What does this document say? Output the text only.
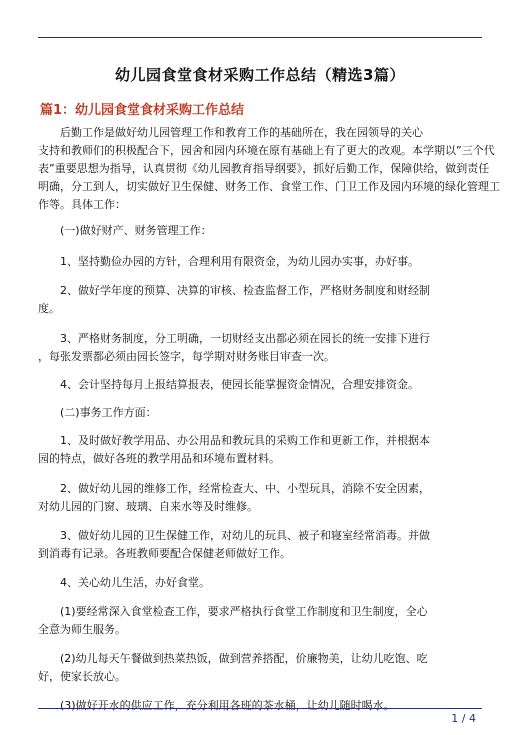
幼儿园食堂食材采购工作总结（精选3篇）
篇1：幼儿园食堂食材采购工作总结

　　后勤工作是做好幼儿园管理工作和教育工作的基础所在，我在园领导的关心
支持和教师们的积极配合下，园舍和园内环境在原有基础上有了更大的改观。本学期以”三个代
表”重要思想为指导，认真贯彻《幼儿园教育指导纲要》，抓好后勤工作，保障供给，做到责任
明确，分工到人，切实做好卫生保健、财务工作、食堂工作、门卫工作及园内环境的绿化管理工
作等。具体工作：

　　(一)做好财产、财务管理工作：

　　1、坚持勤俭办园的方针，合理利用有限资金，为幼儿园办实事，办好事。

　　2、做好学年度的预算、决算的审核、检查监督工作，严格财务制度和财经制
度。

　　3、严格财务制度，分工明确，一切财经支出都必须在园长的统一安排下进行
，每张发票都必须由园长签字，每学期对财务账目审查一次。

　　4、会计坚持每月上报结算报表，使园长能掌握资金情况，合理安排资金。

　　(二)事务工作方面：

　　1、及时做好教学用品、办公用品和教玩具的采购工作和更新工作，并根据本
园的特点，做好各班的教学用品和环境布置材料。

　　2、做好幼儿园的维修工作，经常检查大、中、小型玩具，消除不安全因素，
对幼儿园的门窗、玻璃、自来水等及时维修。

　　3、做好幼儿园的卫生保健工作，对幼儿的玩具、被子和寝室经常消毒。并做
到消毒有记录。各班教师要配合保健老师做好工作。

　　4、关心幼儿生活，办好食堂。

　　(1)要经常深入食堂检查工作，要求严格执行食堂工作制度和卫生制度，全心
全意为师生服务。

　　(2)幼儿每天午餐做到热菜热饭，做到营养搭配，价廉物美，让幼儿吃饱、吃
好，使家长放心。

　　(3)做好开水的供应工作，充分利用各班的茶水桶，让幼儿随时喝水。

1 / 4
